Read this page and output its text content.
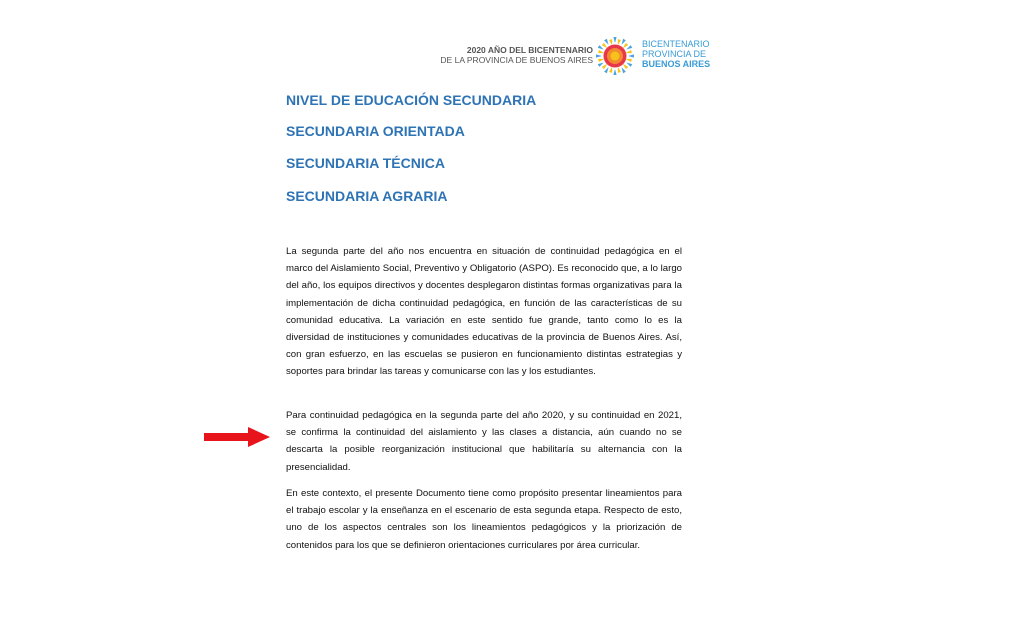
2020 AÑO DEL BICENTENARIO
DE LA PROVINCIA DE BUENOS AIRES
BICENTENARIO
PROVINCIA DE
BUENOS AIRES
NIVEL DE EDUCACIÓN SECUNDARIA
SECUNDARIA ORIENTADA
SECUNDARIA TÉCNICA
SECUNDARIA AGRARIA

La segunda parte del año nos encuentra en situación de continuidad pedagógica en el marco del Aislamiento Social, Preventivo y Obligatorio (ASPO). Es reconocido que, a lo largo del año, los equipos directivos y docentes desplegaron distintas formas organizativas para la implementación de dicha continuidad pedagógica, en función de las características de su comunidad educativa. La variación en este sentido fue grande, tanto como lo es la diversidad de instituciones y comunidades educativas de la provincia de Buenos Aires. Así, con gran esfuerzo, en las escuelas se pusieron en funcionamiento distintas estrategias y soportes para brindar las tareas y comunicarse con las y los estudiantes.

Para continuidad pedagógica en la segunda parte del año 2020, y su continuidad en 2021, se confirma la continuidad del aislamiento y las clases a distancia, aún cuando no se descarta la posible reorganización institucional que habilitaría su alternancia con la presencialidad.

En este contexto, el presente Documento tiene como propósito presentar lineamientos para el trabajo escolar y la enseñanza en el escenario de esta segunda etapa. Respecto de esto, uno de los aspectos centrales son los lineamientos pedagógicos y la priorización de contenidos para los que se definieron orientaciones curriculares por área curricular.
